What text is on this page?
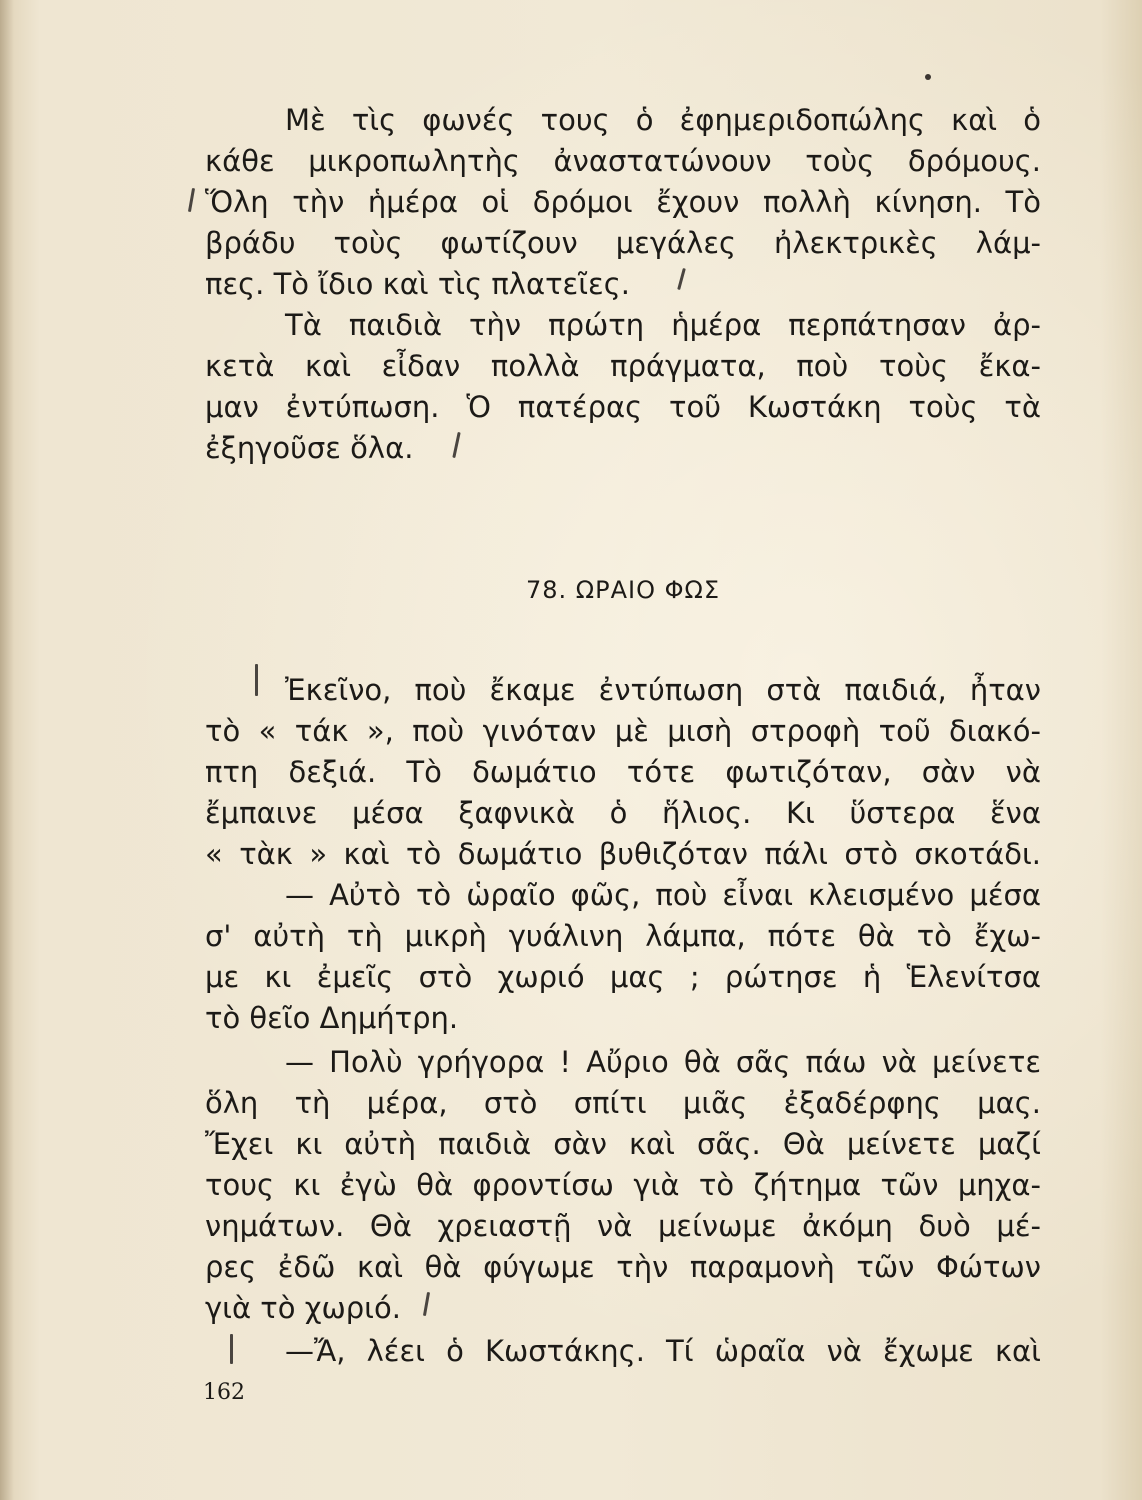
Μὲ τὶς φωνές τους ὁ ἐφημεριδοπώλης καὶ ὁ
κάθε μικροπωλητὴς ἀναστατώνουν τοὺς δρόμους.
Ὅλη τὴν ἡμέρα οἱ δρόμοι ἔχουν πολλὴ κίνηση. Τὸ
βράδυ τοὺς φωτίζουν μεγάλες ἠλεκτρικὲς λάμ-
πες. Τὸ ἴδιο καὶ τὶς πλατεῖες.
Τὰ παιδιὰ τὴν πρώτη ἡμέρα περπάτησαν ἀρ-
κετὰ καὶ εἶδαν πολλὰ πράγματα, ποὺ τοὺς ἔκα-
μαν ἐντύπωση. Ὁ πατέρας τοῦ Κωστάκη τοὺς τὰ
ἐξηγοῦσε ὅλα.
78. ΩΡΑΙΟ ΦΩΣ
Ἐκεῖνο, ποὺ ἔκαμε ἐντύπωση στὰ παιδιά, ἦταν
τὸ « τάκ », ποὺ γινόταν μὲ μισὴ στροφὴ τοῦ διακό-
πτη δεξιά. Τὸ δωμάτιο τότε φωτιζόταν, σὰν νὰ
ἔμπαινε μέσα ξαφνικὰ ὁ ἥλιος. Κι ὕστερα ἕνα
« τὰκ » καὶ τὸ δωμάτιο βυθιζόταν πάλι στὸ σκοτάδι.
— Αὐτὸ τὸ ὡραῖο φῶς, ποὺ εἶναι κλεισμένο μέσα
σ' αὐτὴ τὴ μικρὴ γυάλινη λάμπα, πότε θὰ τὸ ἔχω-
με κι ἐμεῖς στὸ χωριό μας ; ρώτησε ἡ Ἑλενίτσα
τὸ θεῖο Δημήτρη.
— Πολὺ γρήγορα ! Αὔριο θὰ σᾶς πάω νὰ μείνετε
ὅλη τὴ μέρα, στὸ σπίτι μιᾶς ἐξαδέρφης μας.
Ἔχει κι αὐτὴ παιδιὰ σὰν καὶ σᾶς. Θὰ μείνετε μαζί
τους κι ἐγὼ θὰ φροντίσω γιὰ τὸ ζήτημα τῶν μηχα-
νημάτων. Θὰ χρειαστῇ νὰ μείνωμε ἀκόμη δυὸ μέ-
ρες ἐδῶ καὶ θὰ φύγωμε τὴν παραμονὴ τῶν Φώτων
γιὰ τὸ χωριό.
—Ἄ, λέει ὁ Κωστάκης. Τί ὡραῖα νὰ ἔχωμε καὶ
162
